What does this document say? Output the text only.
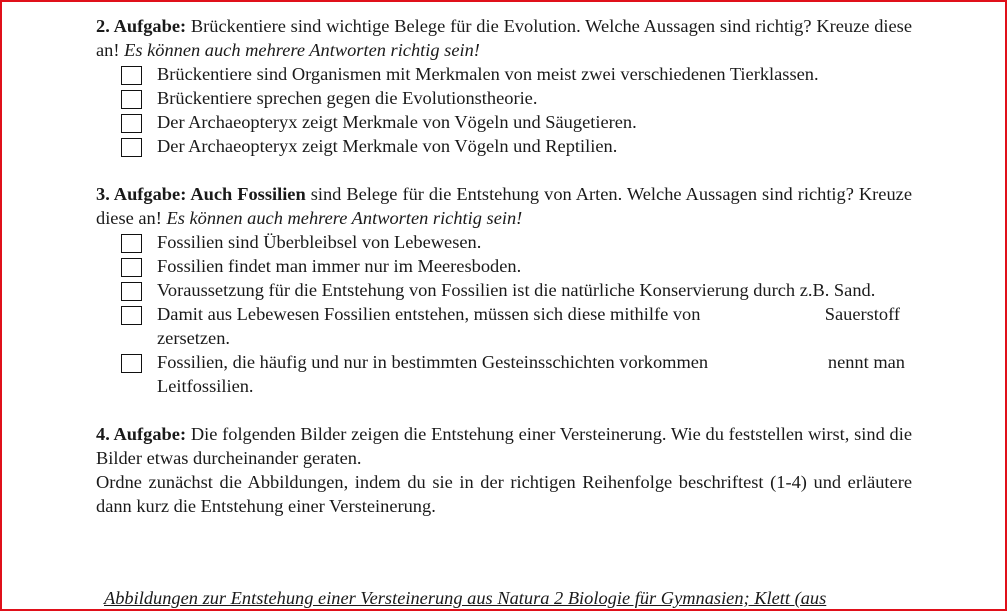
2. Aufgabe: Brückentiere sind wichtige Belege für die Evolution. Welche Aussagen sind richtig? Kreuze diese an! Es können auch mehrere Antworten richtig sein!
Brückentiere sind Organismen mit Merkmalen von meist zwei verschiedenen Tierklassen.
Brückentiere sprechen gegen die Evolutionstheorie.
Der Archaeopteryx zeigt Merkmale von Vögeln und Säugetieren.
Der Archaeopteryx zeigt Merkmale von Vögeln und Reptilien.
3. Aufgabe: Auch Fossilien sind Belege für die Entstehung von Arten. Welche Aussagen sind richtig? Kreuze diese an! Es können auch mehrere Antworten richtig sein!
Fossilien sind Überbleibsel von Lebewesen.
Fossilien findet man immer nur im Meeresboden.
Voraussetzung für die Entstehung von Fossilien ist die natürliche Konservierung durch z.B. Sand.
Damit aus Lebewesen Fossilien entstehen, müssen sich diese mithilfe von	Sauerstoff
zersetzen.
Fossilien, die häufig und nur in bestimmten Gesteinsschichten vorkommen	nennt man
Leitfossilien.
4. Aufgabe: Die folgenden Bilder zeigen die Entstehung einer Versteinerung. Wie du feststellen wirst, sind die Bilder etwas durcheinander geraten.
Ordne zunächst die Abbildungen, indem du sie in der richtigen Reihenfolge beschriftest (1-4) und erläutere dann kurz die Entstehung einer Versteinerung.
Abbildungen zur Entstehung einer Versteinerung aus Natura 2 Biologie für Gymnasien; Klett (aus
